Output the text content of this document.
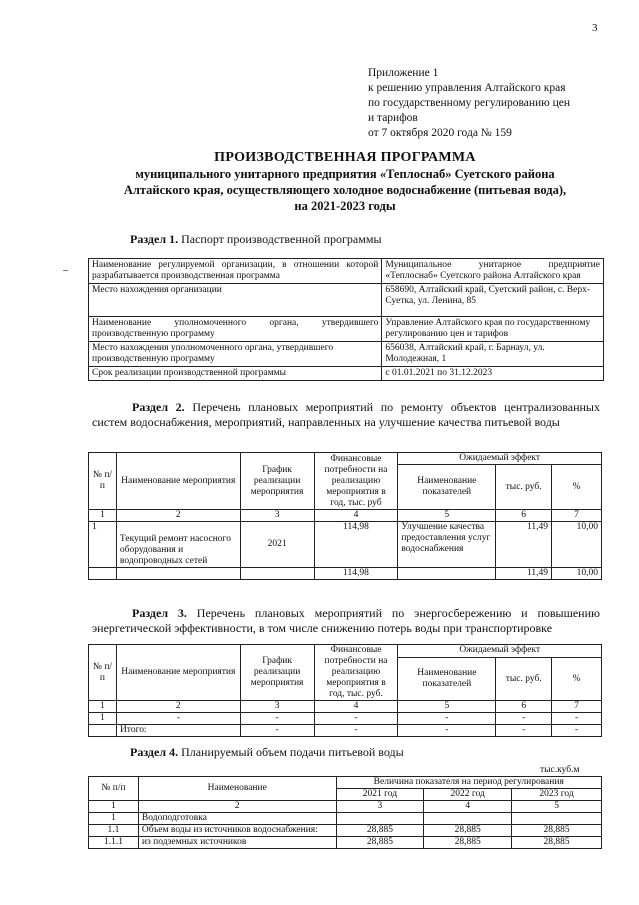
3
Приложение 1
к решению управления Алтайского края
по государственному регулированию цен
и тарифов
от 7 октября 2020 года № 159
ПРОИЗВОДСТВЕННАЯ ПРОГРАММА
муниципального унитарного предприятия «Теплоснаб» Суетского района
Алтайского края, осуществляющего холодное водоснабжение (питьевая вода),
на 2021-2023 годы
Раздел 1. Паспорт производственной программы
Наименование регулируемой организации, в отношении которой разрабатывается производственная программа	Муниципальное унитарное предприятие «Теплоснаб» Суетского района Алтайского края
Место нахождения организации	658690, Алтайский край, Суетский район, с. Верх-Суетка, ул. Ленина, 85
Наименование уполномоченного органа, утвердившего производственную программу	Управление Алтайского края по государственному регулированию цен и тарифов
Место нахождения уполномоченного органа, утвердившего производственную программу	656038, Алтайский край, г. Барнаул, ул. Молодежная, 1
Срок реализации производственной программы	с 01.01.2021 по 31.12.2023
Раздел 2. Перечень плановых мероприятий по ремонту объектов централизованных систем водоснабжения, мероприятий, направленных на улучшение качества питьевой воды
№ п/п	Наименование мероприятия	График реализации мероприятия	Финансовые потребности на реализацию мероприятия в год, тыс. руб	Ожидаемый эффект		
				Наименование показателей	тыс. руб.	%
1	2	3	4	5	6	7
1	Текущий ремонт насосного оборудования и водопроводных сетей	2021	114,98	Улучшение качества предоставления услуг водоснабжения	11,49	10,00
			114,98		11,49	10,00
Раздел 3. Перечень плановых мероприятий по энергосбережению и повышению энергетической эффективности, в том числе снижению потерь воды при транспортировке
№ п/п	Наименование мероприятия	График реализации мероприятия	Финансовые потребности на реализацию мероприятия в год, тыс. руб.	Ожидаемый эффект		
				Наименование показателей	тыс. руб.	%
1	2	3	4	5	6	7
1	-	-	-	-	-	-
	Итого:	-	-	-	-	-
Раздел 4. Планируемый объем подачи питьевой воды
тыс.куб.м
№ п/п	Наименование	Величина показателя на период регулирования		
		2021 год	2022 год	2023 год
1	2	3	4	5
1	Водоподготовка			
1.1	Объем воды из источников водоснабжения:	28,885	28,885	28,885
1.1.1	из подземных источников	28,885	28,885	28,885
